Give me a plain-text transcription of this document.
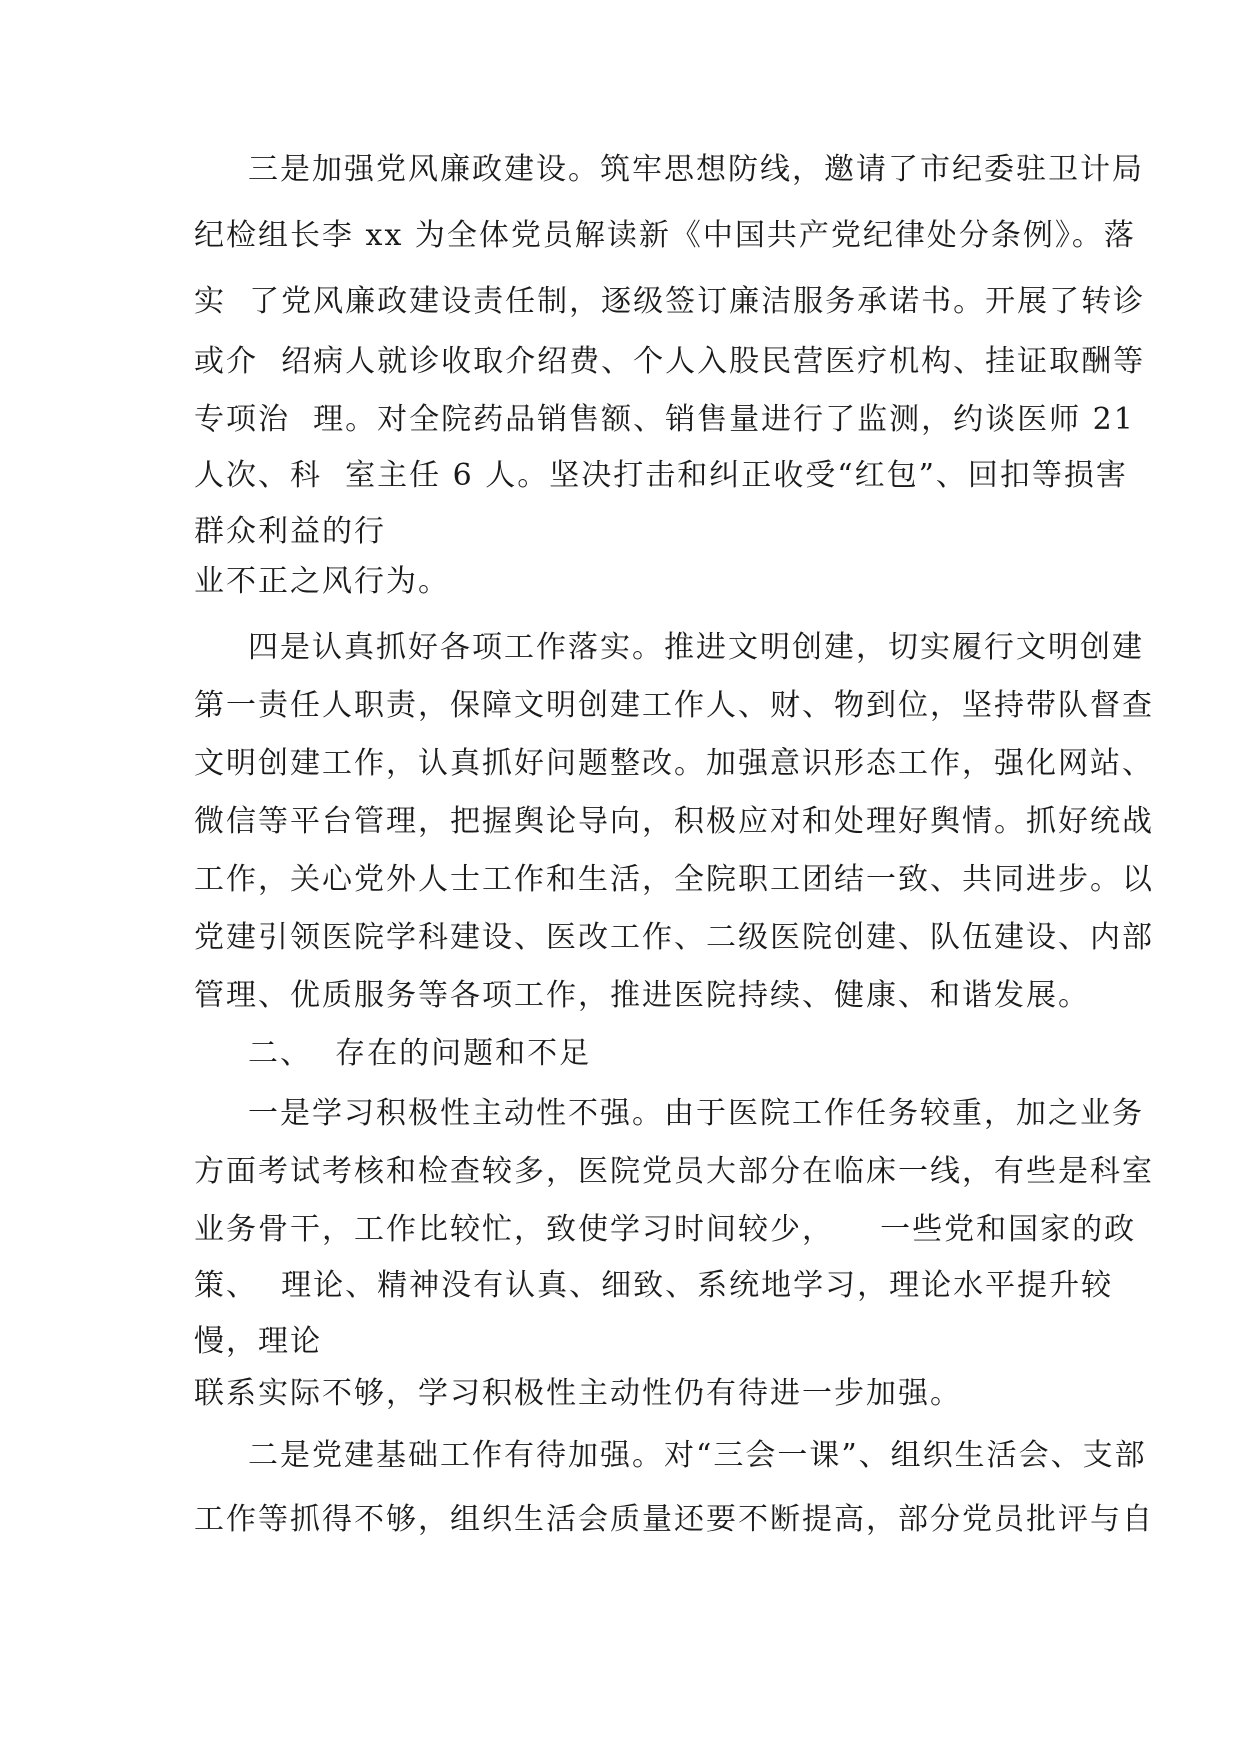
三是加强党风廉政建设。筑牢思想防线，邀请了市纪委驻卫计局
纪检组长李 xx 为全体党员解读新《中国共产党纪律处分条例》。落
实  了党风廉政建设责任制，逐级签订廉洁服务承诺书。开展了转诊
或介  绍病人就诊收取介绍费、个人入股民营医疗机构、挂证取酬等
专项治  理。对全院药品销售额、销售量进行了监测，约谈医师 21
人次、科  室主任 6 人。坚决打击和纠正收受“红包”、回扣等损害
群众利益的行
业不正之风行为。
四是认真抓好各项工作落实。推进文明创建，切实履行文明创建
第一责任人职责，保障文明创建工作人、财、物到位，坚持带队督查
文明创建工作，认真抓好问题整改。加强意识形态工作，强化网站、
微信等平台管理，把握舆论导向，积极应对和处理好舆情。抓好统战
工作，关心党外人士工作和生活，全院职工团结一致、共同进步。以
党建引领医院学科建设、医改工作、二级医院创建、队伍建设、内部
管理、优质服务等各项工作，推进医院持续、健康、和谐发展。
二、  存在的问题和不足
一是学习积极性主动性不强。由于医院工作任务较重，加之业务
方面考试考核和检查较多，医院党员大部分在临床一线，有些是科室
业务骨干，工作比较忙，致使学习时间较少，    一些党和国家的政
策、  理论、精神没有认真、细致、系统地学习，理论水平提升较
慢，理论
联系实际不够，学习积极性主动性仍有待进一步加强。
二是党建基础工作有待加强。对“三会一课”、组织生活会、支部
工作等抓得不够，组织生活会质量还要不断提高，部分党员批评与自
